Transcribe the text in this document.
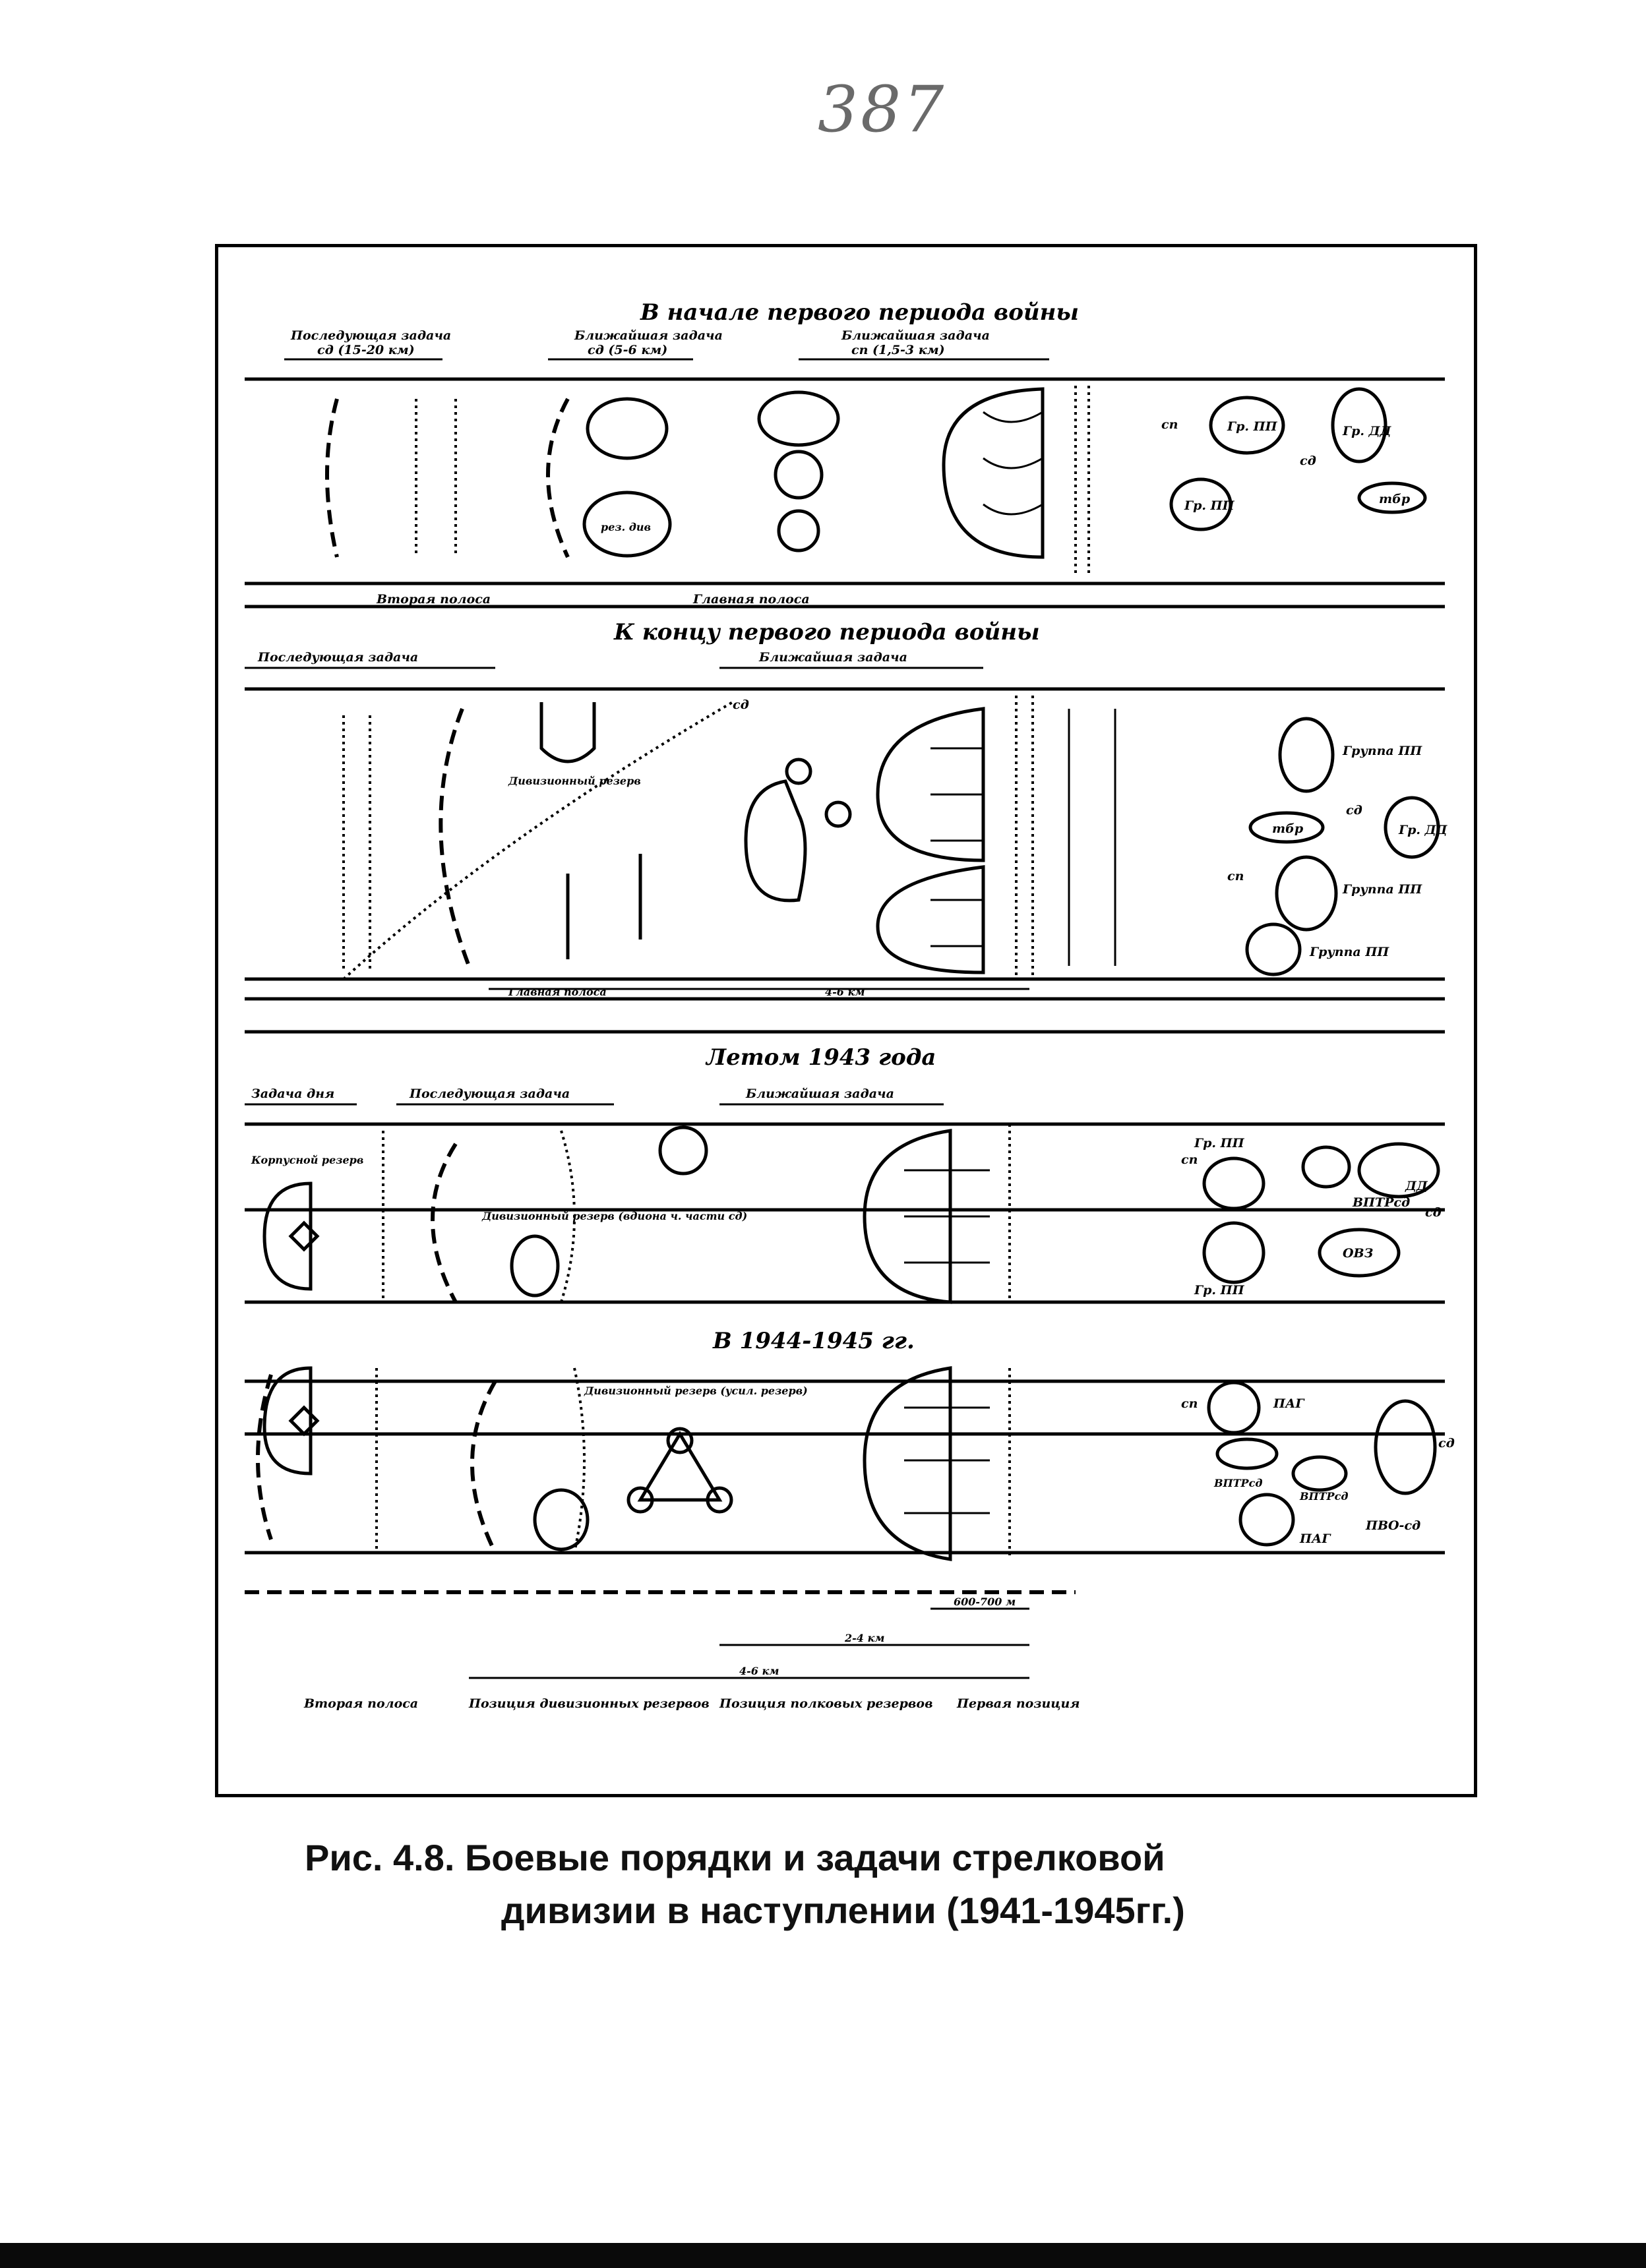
387
В начале первого периода войны
Последующая задача
сд (15-20 км)
Ближайшая задача
сд (5-6 км)
Ближайшая задача
сп (1,5-3 км)
рез. див
сп	Гр. ПП	Гр. ДД
сд
Гр. ПП	тбр
Вторая полоса	Главная полоса
К концу первого периода войны
Последующая задача	Ближайшая задача
Дивизионный резерв
сд
Группа ПП
тбр
сд
Гр. ДД
Группа ПП
Группа ПП
сп
Главная полоса	4-6 км
Летом 1943 года
Задача дня	Последующая задача	Ближайшая задача
Корпусной резерв
Дивизионный резерв (вдиона ч. части сд)
Гр. ПП
ДД
ВПТРсд
сд
Гр. ПП
ОВЗ
сп
В 1944-1945 гг.
Дивизионный резерв (усил. резерв)
сп	ПАГ
ВПТРсд
ВПТРсд
сд
ПАГ
ПВО-сд
600-700 м
2-4 км
4-6 км
Вторая полоса	Позиция дивизионных резервов Позиция полковых резервов Первая позиция
Рис. 4.8. Боевые порядки и задачи стрелковой
дивизии в наступлении (1941-1945гг.)
